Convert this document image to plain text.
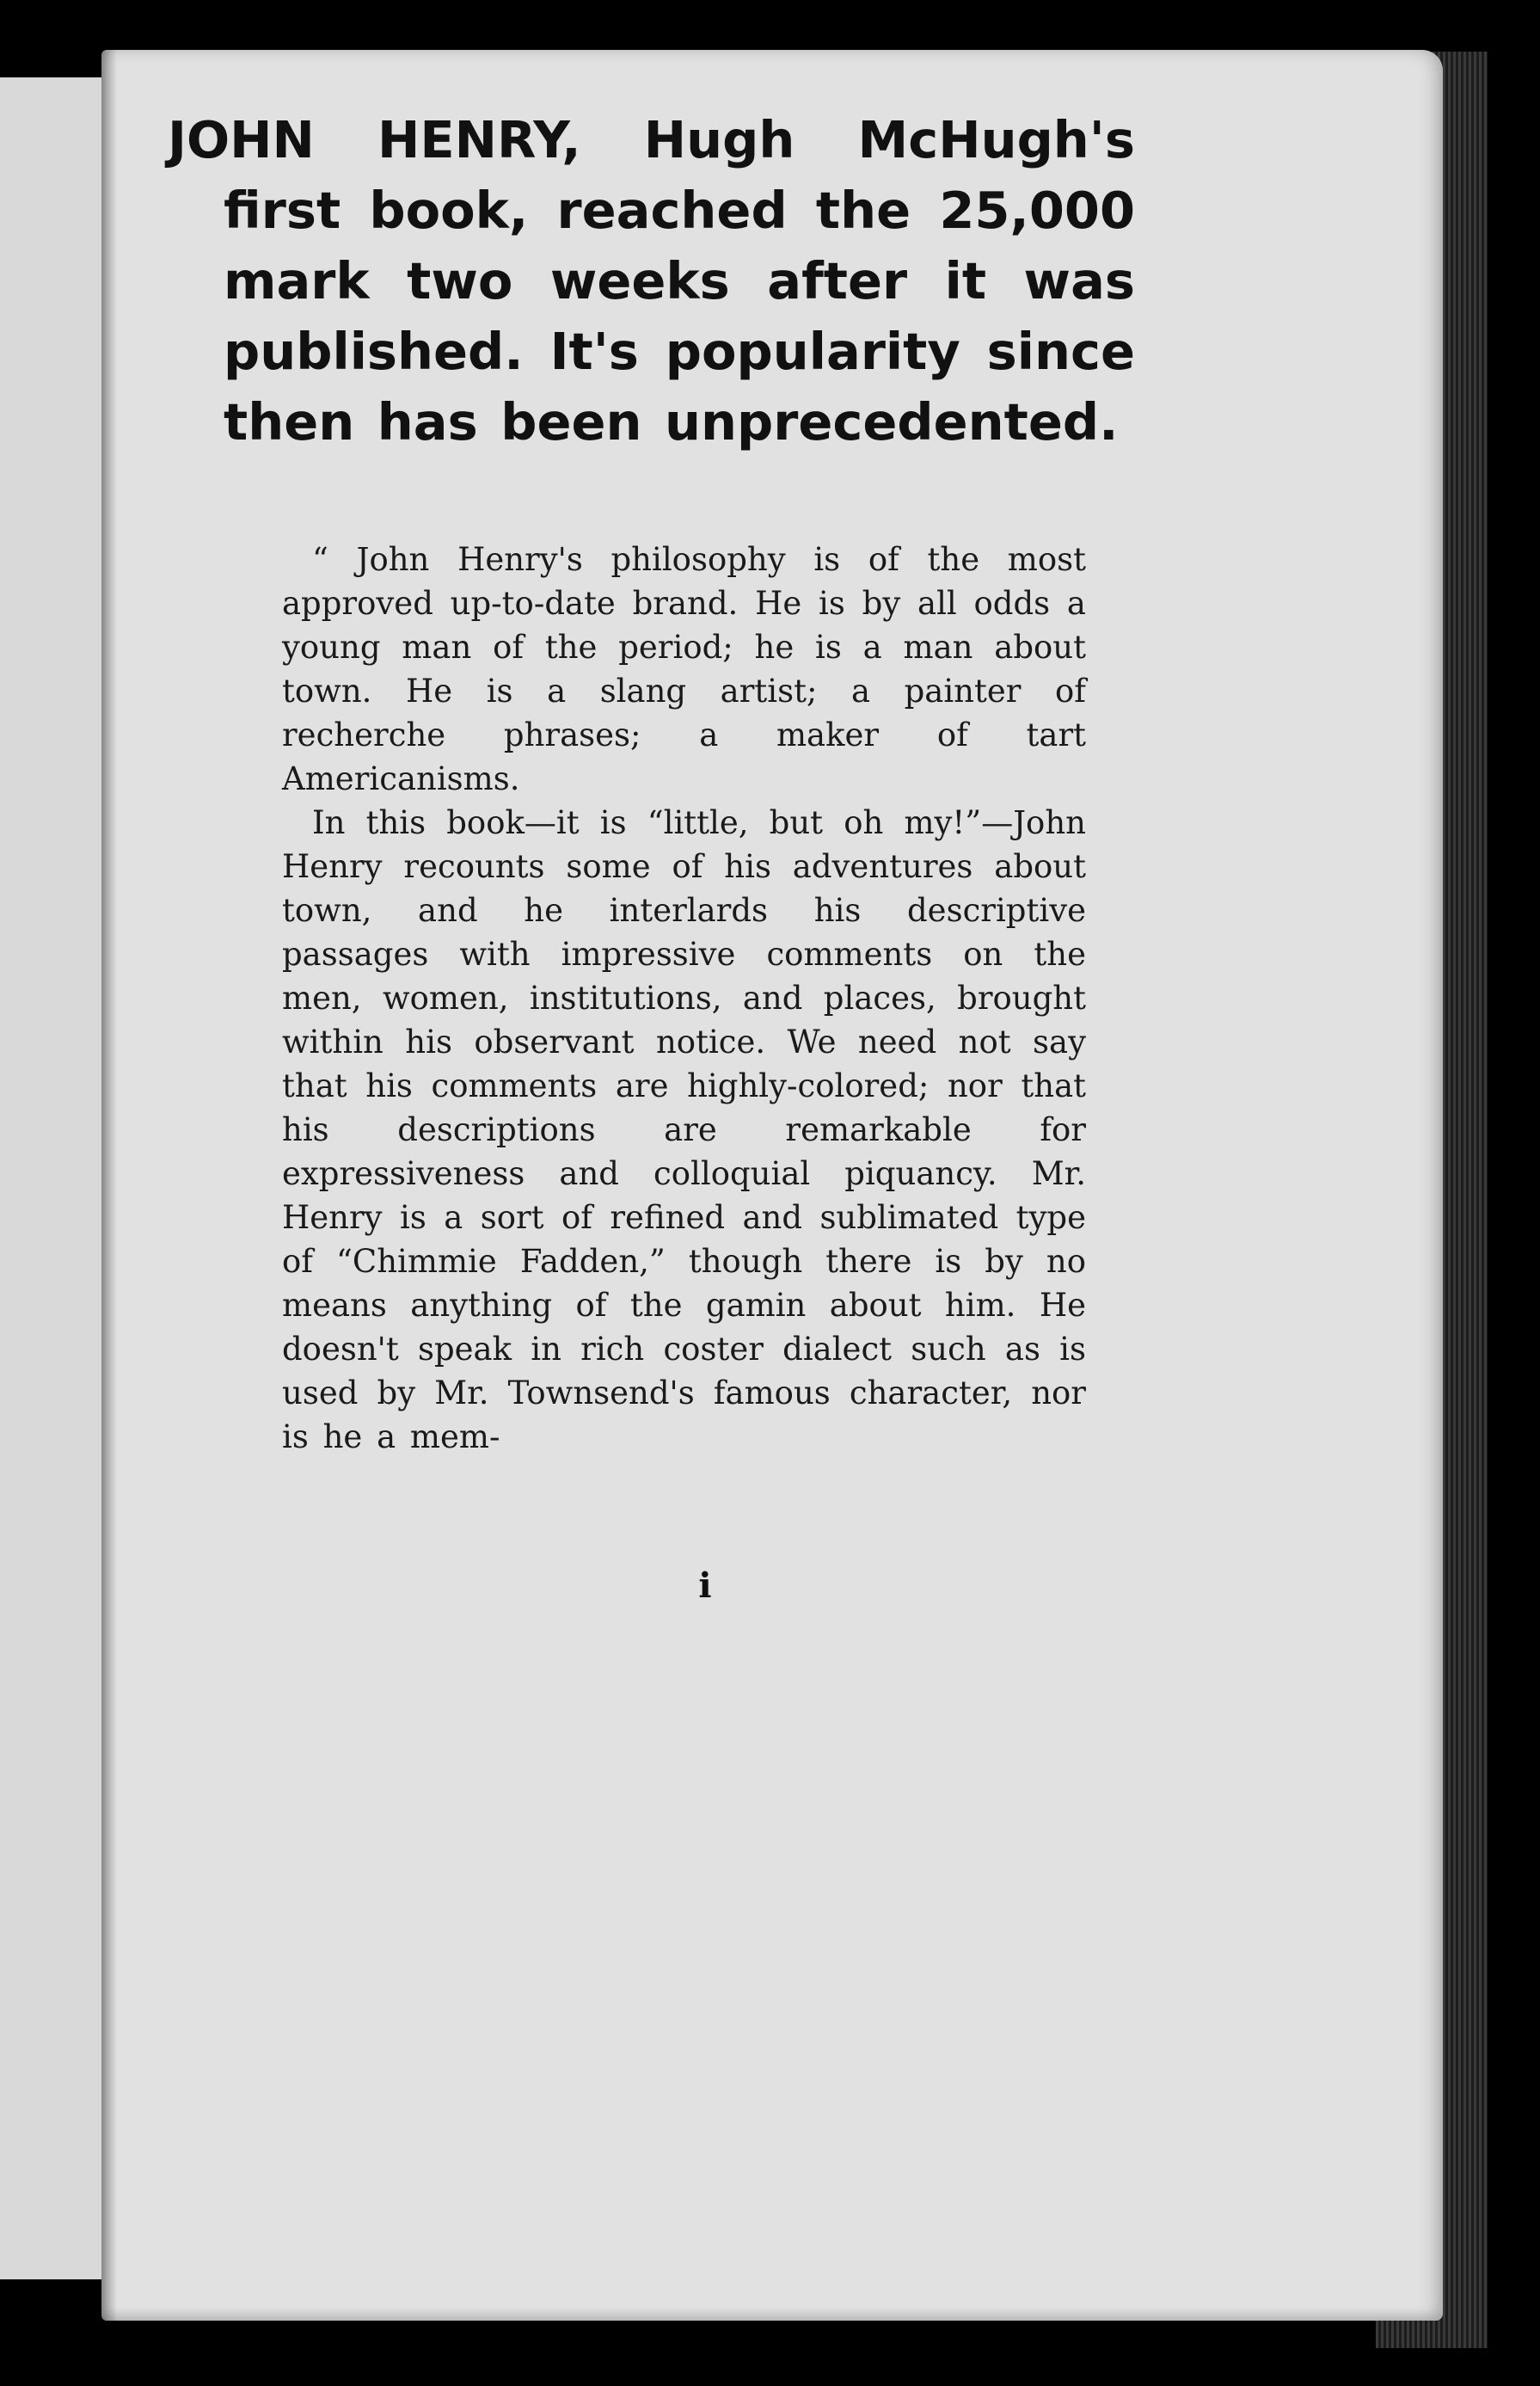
JOHN HENRY, Hugh McHugh's first book, reached the 25,000 mark two weeks after it was published. It's popularity since then has been unprecedented.

“ John Henry's philosophy is of the most approved up-to-date brand. He is by all odds a young man of the period; he is a man about town. He is a slang artist; a painter of recherche phrases; a maker of tart Americanisms.

In this book—it is “little, but oh my!”—John Henry recounts some of his adventures about town, and he interlards his descriptive passages with impressive comments on the men, women, institutions, and places, brought within his observant notice. We need not say that his comments are highly-colored; nor that his descriptions are remarkable for expressiveness and colloquial piquancy. Mr. Henry is a sort of refined and sublimated type of “Chimmie Fadden,” though there is by no means anything of the gamin about him. He doesn't speak in rich coster dialect such as is used by Mr. Townsend's famous character, nor is he a mem-

i
